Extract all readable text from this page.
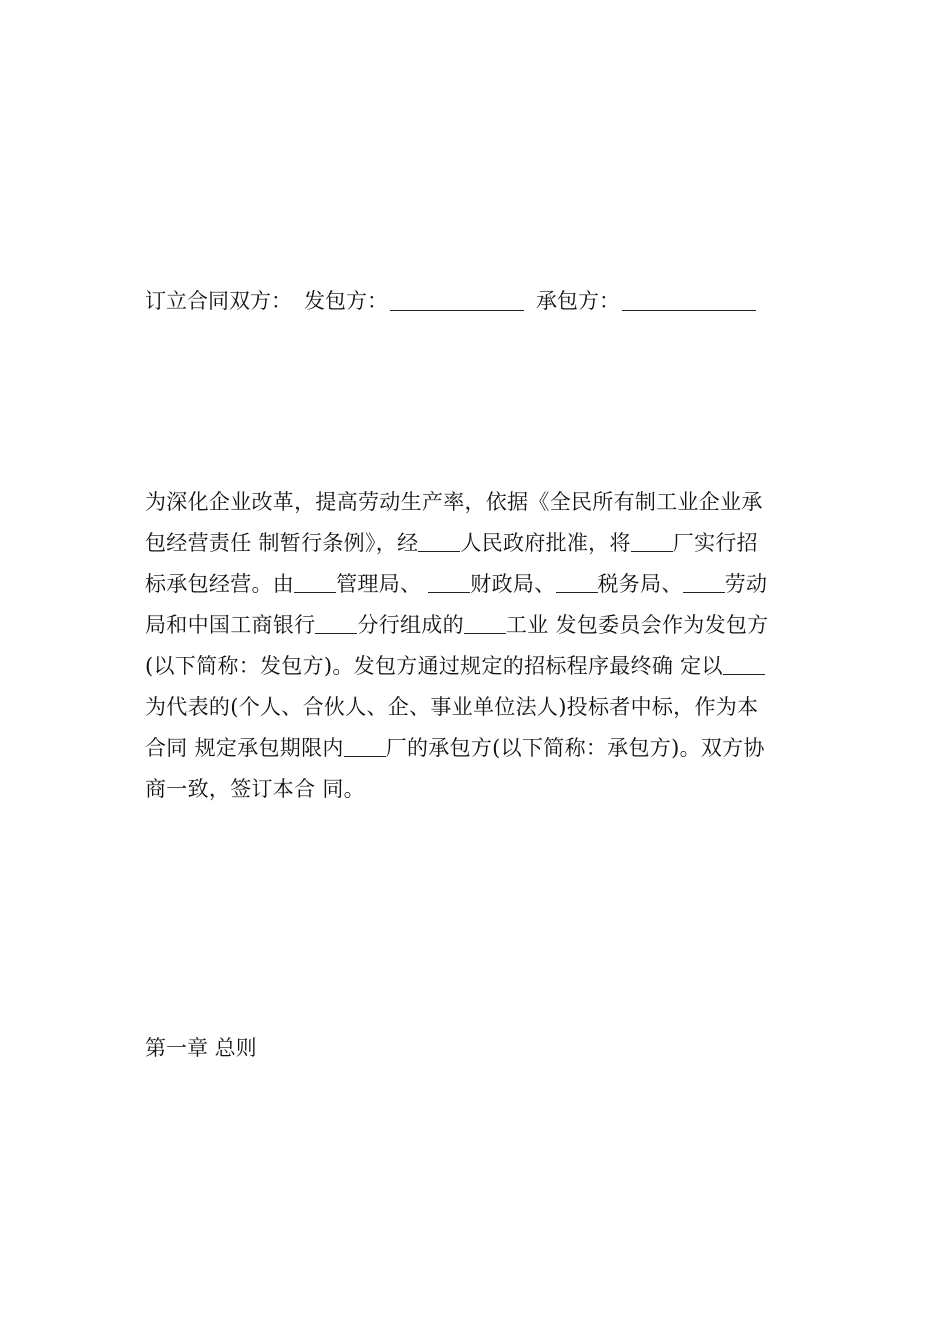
订立合同双方： 发包方：	承包方：
为深化企业改革，提高劳动生产率，依据《全民所有制工业企业承
包经营责任 制暂行条例》，经 人民政府批准，将 厂实行招
标承包经营。由 管理局、 财政局、 税务局、 劳动
局和中国工商银行 分行组成的 工业 发包委员会作为发包方
(以下简称：发包方)。发包方通过规定的招标程序最终确 定以
为代表的(个人、合伙人、企、事业单位法人)投标者中标，作为本
合同 规定承包期限内 厂的承包方(以下简称：承包方)。双方协
商一致，签订本合 同。
第一章 总则
